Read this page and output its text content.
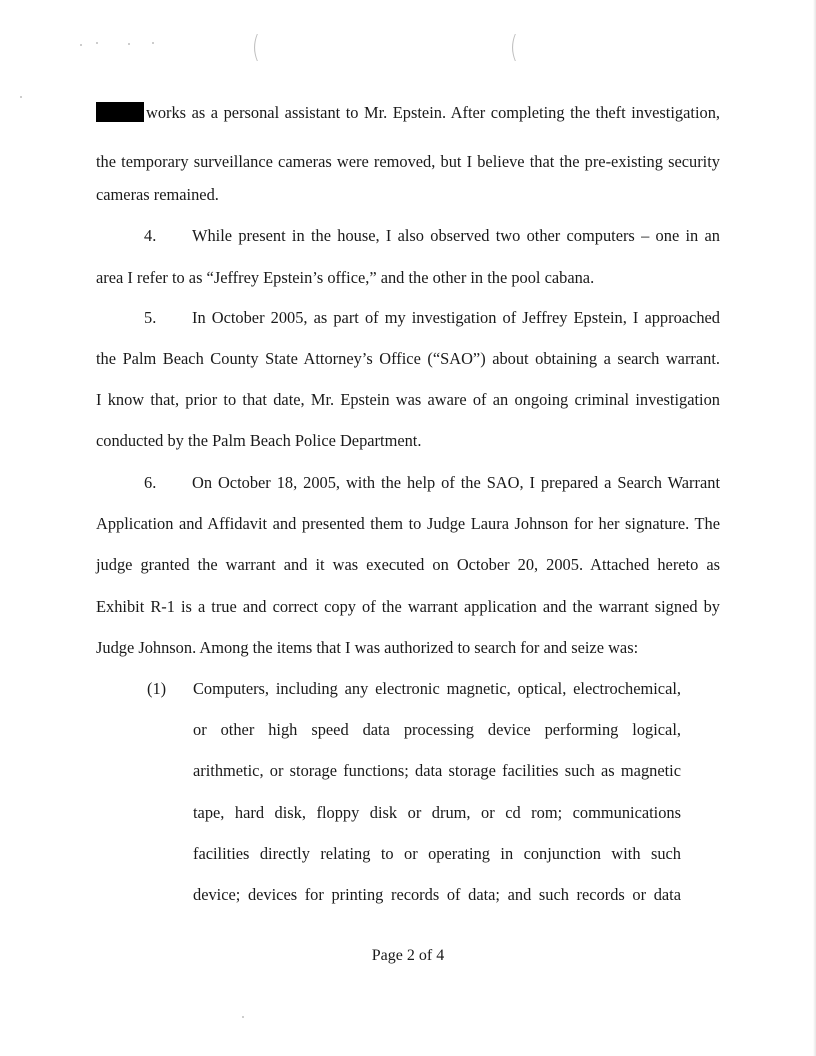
(	(
works as a personal assistant to Mr. Epstein. After completing the theft investigation,
the temporary surveillance cameras were removed, but I believe that the pre-existing security
cameras remained.
4. While present in the house, I also observed two other computers – one in an
area I refer to as “Jeffrey Epstein’s office,” and the other in the pool cabana.
5. In October 2005, as part of my investigation of Jeffrey Epstein, I approached
the Palm Beach County State Attorney’s Office (“SAO”) about obtaining a search warrant.
I know that, prior to that date, Mr. Epstein was aware of an ongoing criminal investigation
conducted by the Palm Beach Police Department.
6. On October 18, 2005, with the help of the SAO, I prepared a Search Warrant
Application and Affidavit and presented them to Judge Laura Johnson for her signature. The
judge granted the warrant and it was executed on October 20, 2005. Attached hereto as
Exhibit R-1 is a true and correct copy of the warrant application and the warrant signed by
Judge Johnson. Among the items that I was authorized to search for and seize was:
(1) Computers, including any electronic magnetic, optical, electrochemical,
or other high speed data processing device performing logical,
arithmetic, or storage functions; data storage facilities such as magnetic
tape, hard disk, floppy disk or drum, or cd rom; communications
facilities directly relating to or operating in conjunction with such
device; devices for printing records of data; and such records or data
Page 2 of 4
